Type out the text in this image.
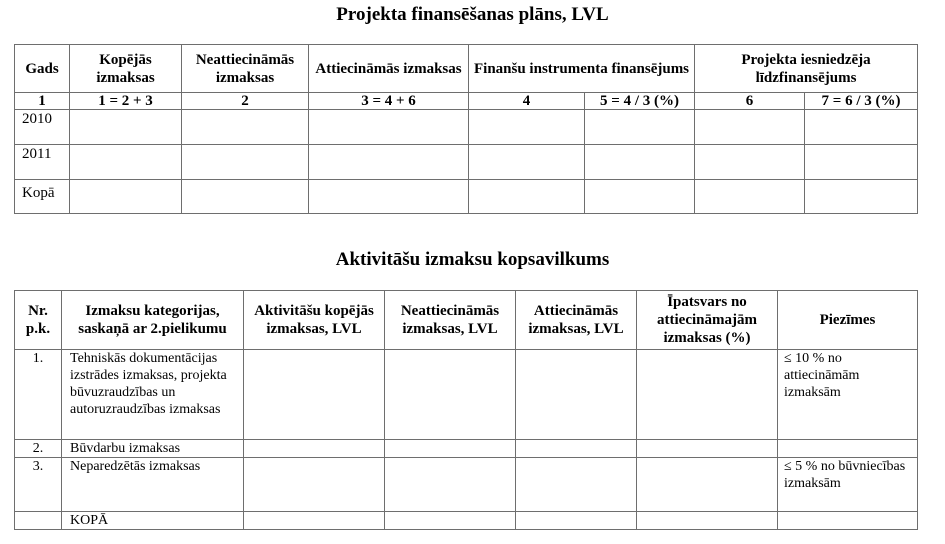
Projekta finansēšanas plāns, LVL
Gads	Kopējās izmaksas	Neattiecināmās izmaksas	Attiecināmās izmaksas	Finanšu instrumenta finansējums		Projekta iesniedzēja līdzfinansējums	
1	1 = 2 + 3	2	3 = 4 + 6	4	5 = 4 / 3 (%)	6	7 = 6 / 3 (%)
2010							
2011							
Kopā							
Aktivitāšu izmaksu kopsavilkums
Nr. p.k.	Izmaksu kategorijas, saskaņā ar 2.pielikumu	Aktivitāšu kopējās izmaksas, LVL	Neattiecināmās izmaksas, LVL	Attiecināmās izmaksas, LVL	Īpatsvars no attiecināmajām izmaksas (%)	Piezīmes
1.	Tehniskās dokumentācijas izstrādes izmaksas, projekta būvuzraudzības un autoruzraudzības izmaksas					≤ 10 % no attiecināmām izmaksām
2.	Būvdarbu izmaksas					
3.	Neparedzētās izmaksas					≤ 5 % no būvniecības izmaksām
	KOPĀ					
